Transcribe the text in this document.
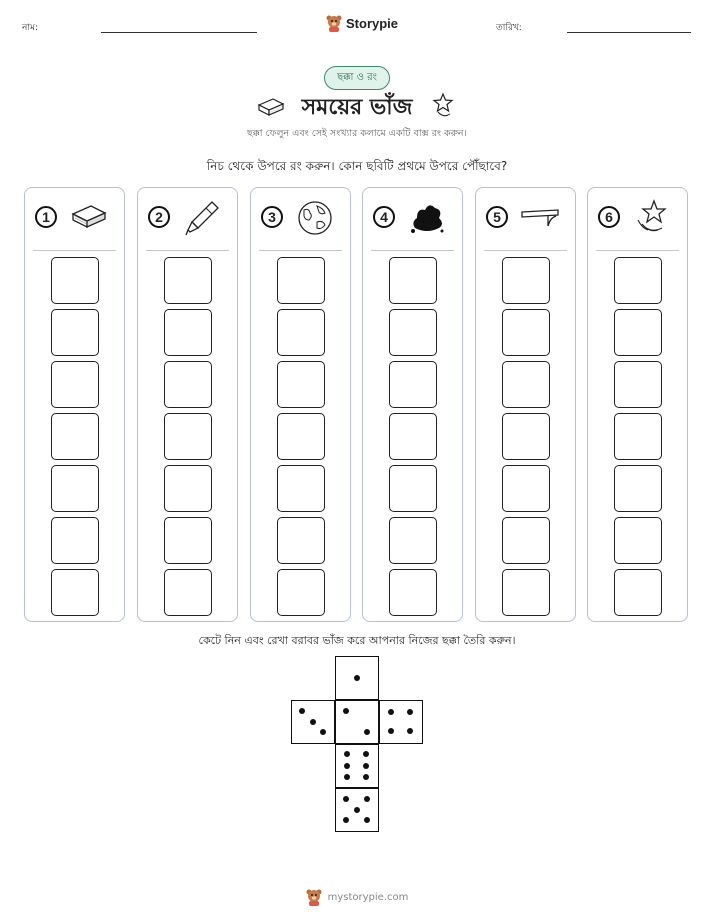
নাম:	Storypie	তারিখ:
ছক্কা ও রং
সময়ের ভাঁজ
ছক্কা ফেলুন এবং সেই সংখ্যার কলামে একটি বাক্স রং করুন।
নিচ থেকে উপরে রং করুন। কোন ছবিটি প্রথমে উপরে পৌঁছাবে?
1	2	3	4	5	6
কেটে নিন এবং রেখা বরাবর ভাঁজ করে আপনার নিজের ছক্কা তৈরি করুন।
mystorypie.com
